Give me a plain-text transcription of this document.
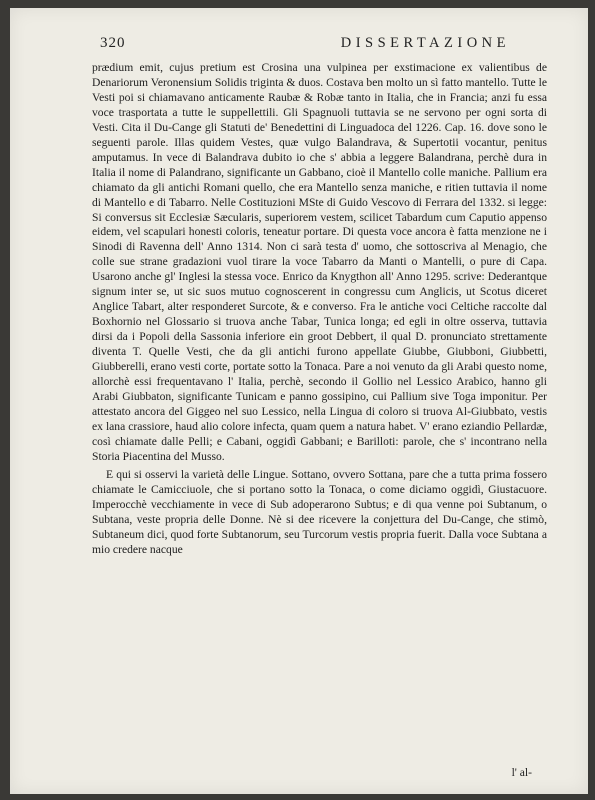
320	DISSERTAZIONE

prædium emit, cujus pretium est Crosina una vulpinea per exstimacione ex valientibus de Denariorum Veronensium Solidis triginta & duos. Costava ben molto un sì fatto mantello. Tutte le Vesti poi si chiamavano anticamente Raubæ & Robæ tanto in Italia, che in Francia; anzi fu essa voce trasportata a tutte le suppellettili. Gli Spagnuoli tuttavia se ne servono per ogni sorta di Vesti. Cita il Du-Cange gli Statuti de' Benedettini di Linguadoca del 1226. Cap. 16. dove sono le seguenti parole. Illas quidem Vestes, quæ vulgo Balandrava, & Supertotii vocantur, penitus amputamus. In vece di Balandrava dubito io che s' abbia a leggere Balandrana, perchè dura in Italia il nome di Palandrano, significante un Gabbano, cioè il Mantello colle maniche. Pallium era chiamato da gli antichi Romani quello, che era Mantello senza maniche, e ritien tuttavia il nome di Mantello e di Tabarro. Nelle Costituzioni MSte di Guido Vescovo di Ferrara del 1332. si legge: Si conversus sit Ecclesiæ Sæcularis, superiorem vestem, scilicet Tabardum cum Caputio appenso eidem, vel scapulari honesti coloris, teneatur portare. Di questa voce ancora è fatta menzione ne i Sinodi di Ravenna dell' Anno 1314. Non ci sarà testa d' uomo, che sottoscriva al Menagio, che colle sue strane gradazioni vuol tirare la voce Tabarro da Manti o Mantelli, o pure di Capa. Usarono anche gl' Inglesi la stessa voce. Enrico da Knygthon all' Anno 1295. scrive: Dederantque signum inter se, ut sic suos mutuo cognoscerent in congressu cum Anglicis, ut Scotus diceret Anglice Tabart, alter responderet Surcote, & e converso. Fra le antiche voci Celtiche raccolte dal Boxhornio nel Glossario si truova anche Tabar, Tunica longa; ed egli in oltre osserva, tuttavia dirsi da i Popoli della Sassonia inferiore ein groot Debbert, il qual D. pronunciato strettamente diventa T. Quelle Vesti, che da gli antichi furono appellate Giubbe, Giubboni, Giubbetti, Giubberelli, erano vesti corte, portate sotto la Tonaca. Pare a noi venuto da gli Arabi questo nome, allorchè essi frequentavano l' Italia, perchè, secondo il Gollio nel Lessico Arabico, hanno gli Arabi Giubbaton, significante Tunicam e panno gossipino, cui Pallium sive Toga imponitur. Per attestato ancora del Giggeo nel suo Lessico, nella Lingua di coloro si truova Al-Giubbato, vestis ex lana crassiore, haud alio colore infecta, quam quem a natura habet. V' erano eziandio Pellardæ, così chiamate dalle Pelli; e Cabani, oggidì Gabbani; e Barilloti: parole, che s' incontrano nella Storia Piacentina del Musso.

E qui si osservi la varietà delle Lingue. Sottano, ovvero Sottana, pare che a tutta prima fossero chiamate le Camicciuole, che si portano sotto la Tonaca, o come diciamo oggidì, Giustacuore. Imperocchè vecchiamente in vece di Sub adoperarono Subtus; e di qua venne poi Subtanum, o Subtana, veste propria delle Donne. Nè si dee ricevere la conjettura del Du-Cange, che stimò, Subtaneum dici, quod forte Subtanorum, seu Turcorum vestis propria fuerit. Dalla voce Subtana a mio credere nacque

l' al-
